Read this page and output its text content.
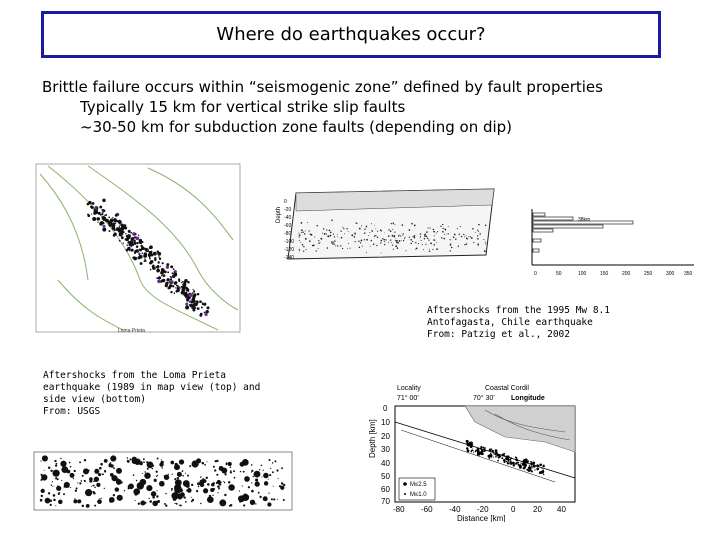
Where do earthquakes occur?
Brittle failure occurs within “seismogenic zone” defined by fault properties
Typically 15 km for vertical strike slip faults
~30-50 km for subduction zone faults (depending on dip)
Loma Prieta
Depth
0
-20
-40
-60
-80
-100
-120
-140
38km
0	50	100	150	200	250	300 350
Aftershocks from the 1995 Mw 8.1
Antofagasta, Chile earthquake
From: Patzig et al., 2002
Aftershocks from the Loma Prieta
earthquake (1989 in map view (top) and
side view (bottom)
From: USGS
Locality	Coastal Cordil
71° 00'	70° 30' Longitude
Depth [km]
0
10
20
30
40
50
60
70
-80 -60 -40 -20	0 20 40
Distance [km]
M≤2.5
M≤1.0
